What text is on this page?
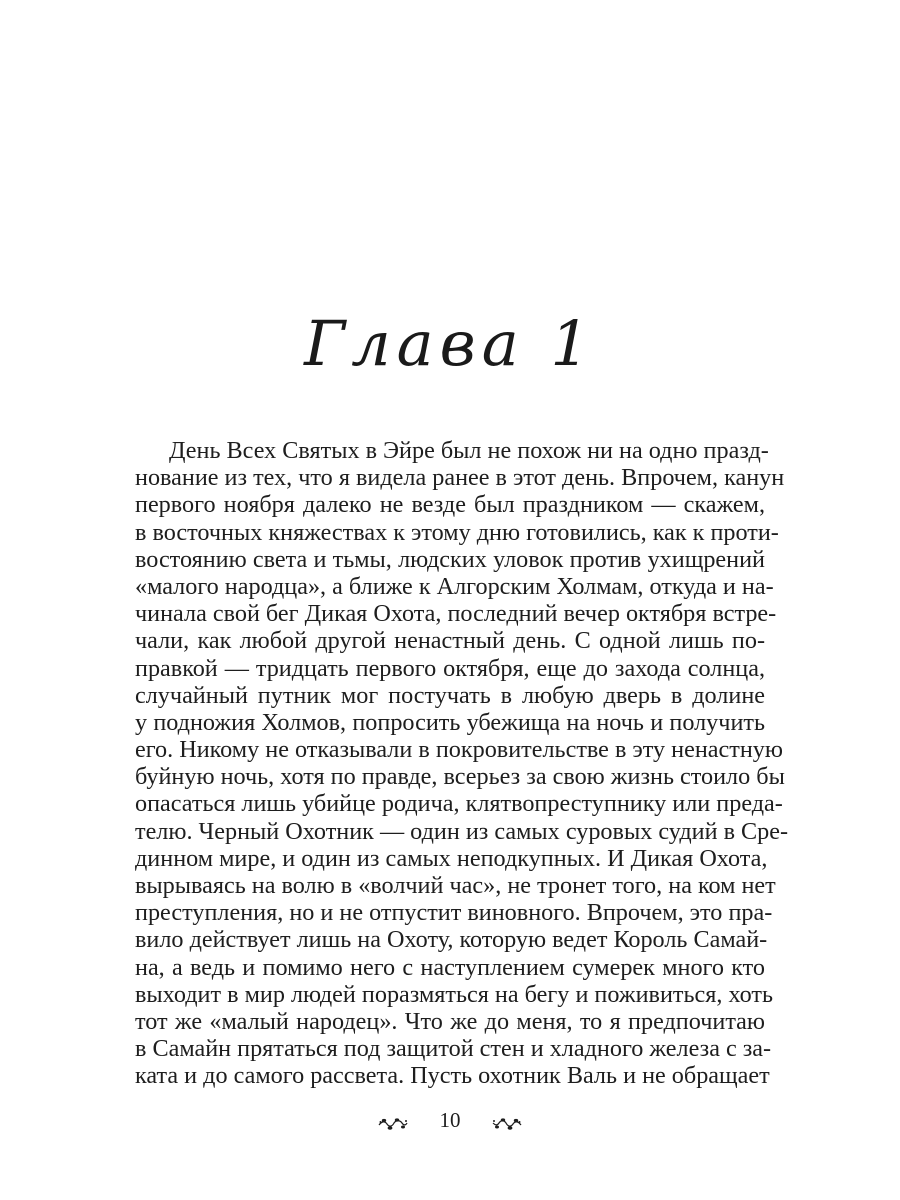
Глава 1
День Всех Святых в Эйре был не похож ни на одно празд-
нование из тех, что я видела ранее в этот день. Впрочем, канун
первого ноября далеко не везде был праздником — скажем,
в восточных княжествах к этому дню готовились, как к проти-
востоянию света и тьмы, людских уловок против ухищрений
«малого народца», а ближе к Алгорским Холмам, откуда и на-
чинала свой бег Дикая Охота, последний вечер октября встре-
чали, как любой другой ненастный день. С одной лишь по-
правкой — тридцать первого октября, еще до захода солнца,
случайный путник мог постучать в любую дверь в долине
у подножия Холмов, попросить убежища на ночь и получить
его. Никому не отказывали в покровительстве в эту ненастную
буйную ночь, хотя по правде, всерьез за свою жизнь стоило бы
опасаться лишь убийце родича, клятвопреступнику или преда-
телю. Черный Охотник — один из самых суровых судий в Сре-
динном мире, и один из самых неподкупных. И Дикая Охота,
вырываясь на волю в «волчий час», не тронет того, на ком нет
преступления, но и не отпустит виновного. Впрочем, это пра-
вило действует лишь на Охоту, которую ведет Король Самай-
на, а ведь и помимо него с наступлением сумерек много кто
выходит в мир людей поразмяться на бегу и поживиться, хоть
тот же «малый народец». Что же до меня, то я предпочитаю
в Самайн прятаться под защитой стен и хладного железа с за-
ката и до самого рассвета. Пусть охотник Валь и не обращает
10
